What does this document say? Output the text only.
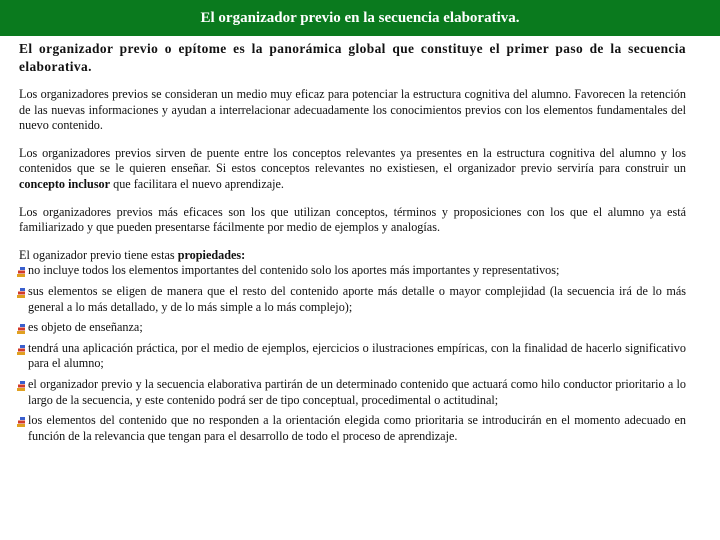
El organizador previo en la secuencia elaborativa.

El organizador previo o epítome es la panorámica global que constituye el primer paso de la secuencia elaborativa.

Los organizadores previos se consideran un medio muy eficaz para potenciar la estructura cognitiva del alumno. Favorecen la retención de las nuevas informaciones y ayudan a interrelacionar adecuadamente los conocimientos previos con los elementos fundamentales del nuevo contenido.

Los organizadores previos sirven de puente entre los conceptos relevantes ya presentes en la estructura cognitiva del alumno y los contenidos que se le quieren enseñar. Si estos conceptos relevantes no existiesen, el organizador previo serviría para construir un concepto inclusor que facilitara el nuevo aprendizaje.

Los organizadores previos más eficaces son los que utilizan conceptos, términos y proposiciones con los que el alumno ya está familiarizado y que pueden presentarse fácilmente por medio de ejemplos y analogías.

El oganizador previo tiene estas propiedades:
no incluye todos los elementos importantes del contenido solo los aportes más importantes y representativos;
sus elementos se eligen de manera que el resto del contenido aporte más detalle o mayor complejidad (la secuencia irá de lo más general a lo más detallado, y de lo más simple a lo más complejo);
es objeto de enseñanza;
tendrá una aplicación práctica, por el medio de ejemplos, ejercicios o ilustraciones empíricas, con la finalidad de hacerlo significativo para el alumno;
el organizador previo y la secuencia elaborativa partirán de un determinado contenido que actuará como hilo conductor prioritario a lo largo de la secuencia, y este contenido podrá ser de tipo conceptual, procedimental o actitudinal;
los elementos del contenido que no responden a la orientación elegida como prioritaria se introducirán en el momento adecuado en función de la relevancia que tengan para el desarrollo de todo el proceso de aprendizaje.
